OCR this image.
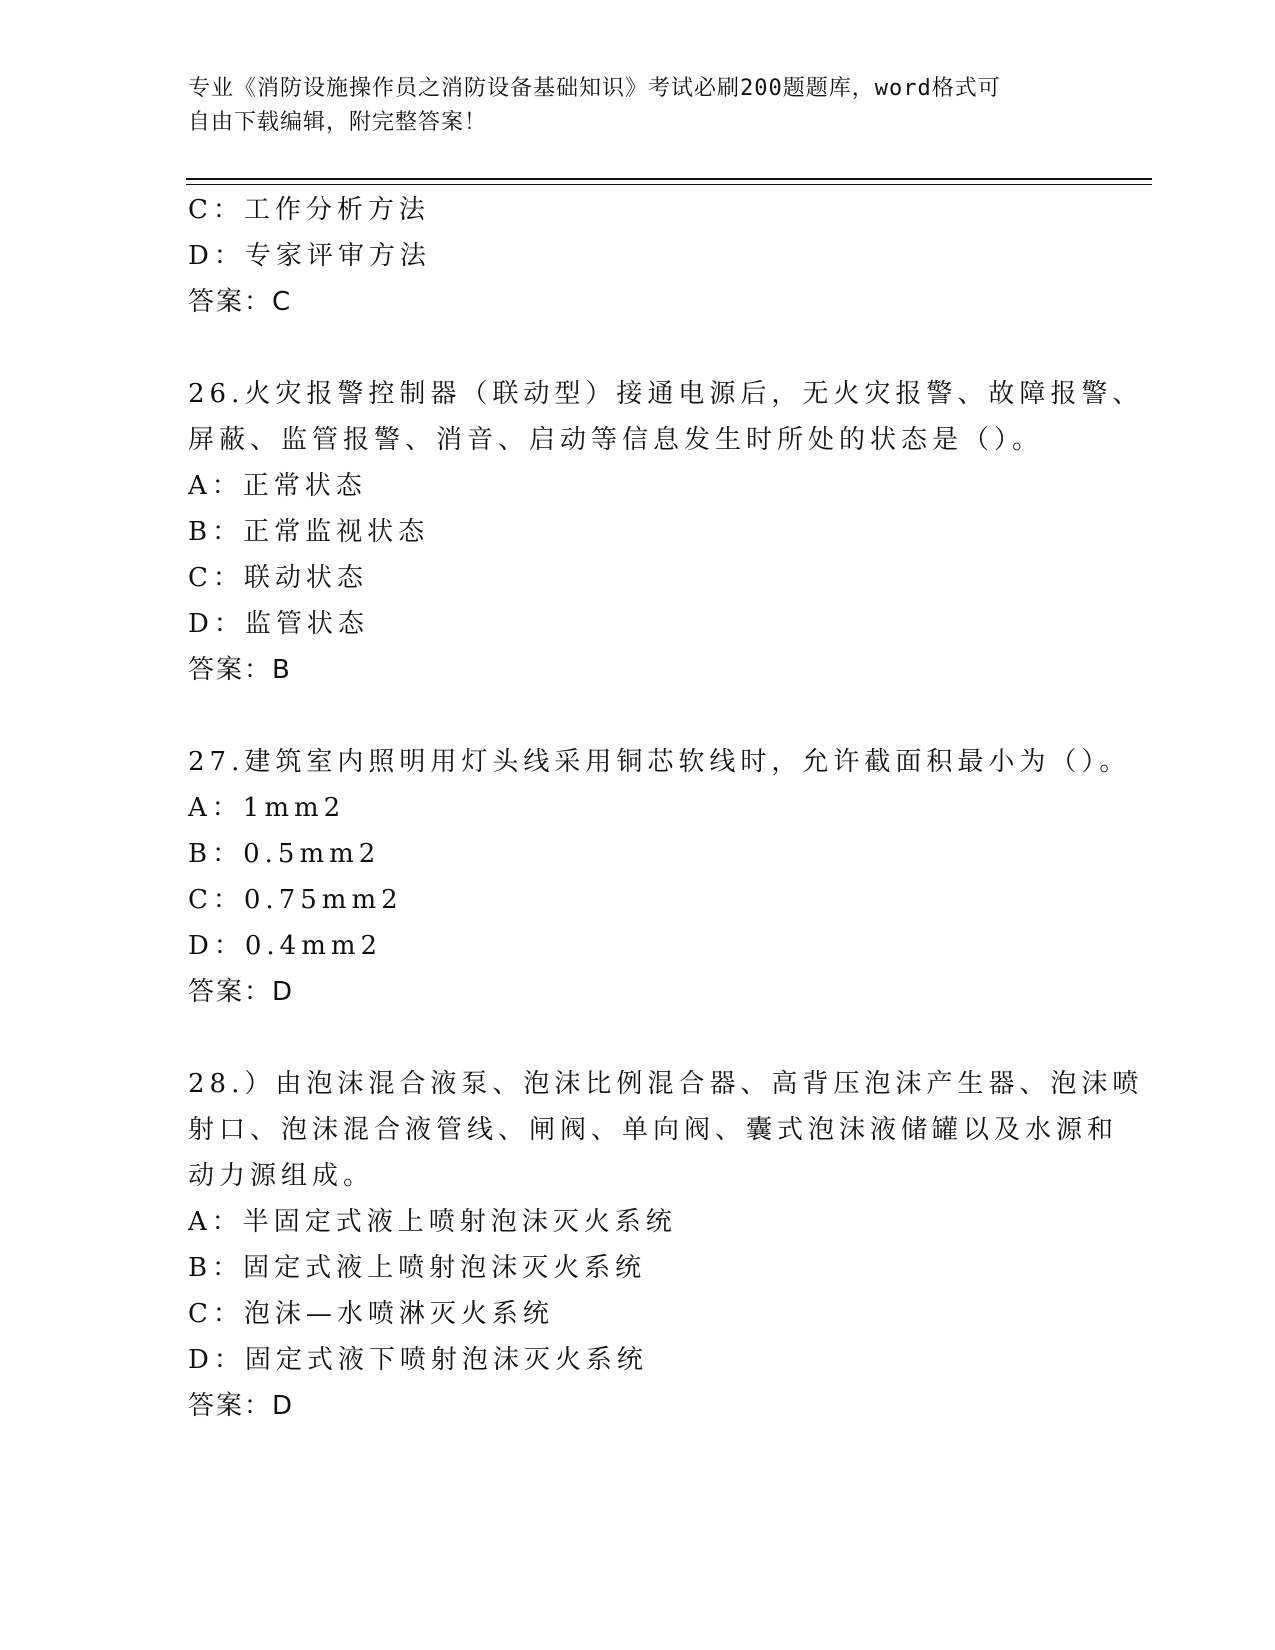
专业《消防设施操作员之消防设备基础知识》考试必刷200题题库，word格式可
自由下载编辑，附完整答案！
C：工作分析方法
D：专家评审方法
答案：C
26.火灾报警控制器（联动型）接通电源后，无火灾报警、故障报警、
屏蔽、监管报警、消音、启动等信息发生时所处的状态是（）。
A：正常状态
B：正常监视状态
C：联动状态
D：监管状态
答案：B
27.建筑室内照明用灯头线采用铜芯软线时，允许截面积最小为（）。
A：1mm2
B：0.5mm2
C：0.75mm2
D：0.4mm2
答案：D
28.）由泡沫混合液泵、泡沫比例混合器、高背压泡沫产生器、泡沫喷
射口、泡沫混合液管线、闸阀、单向阀、囊式泡沫液储罐以及水源和
动力源组成。
A：半固定式液上喷射泡沫灭火系统
B：固定式液上喷射泡沫灭火系统
C：泡沫—水喷淋灭火系统
D：固定式液下喷射泡沫灭火系统
答案：D
